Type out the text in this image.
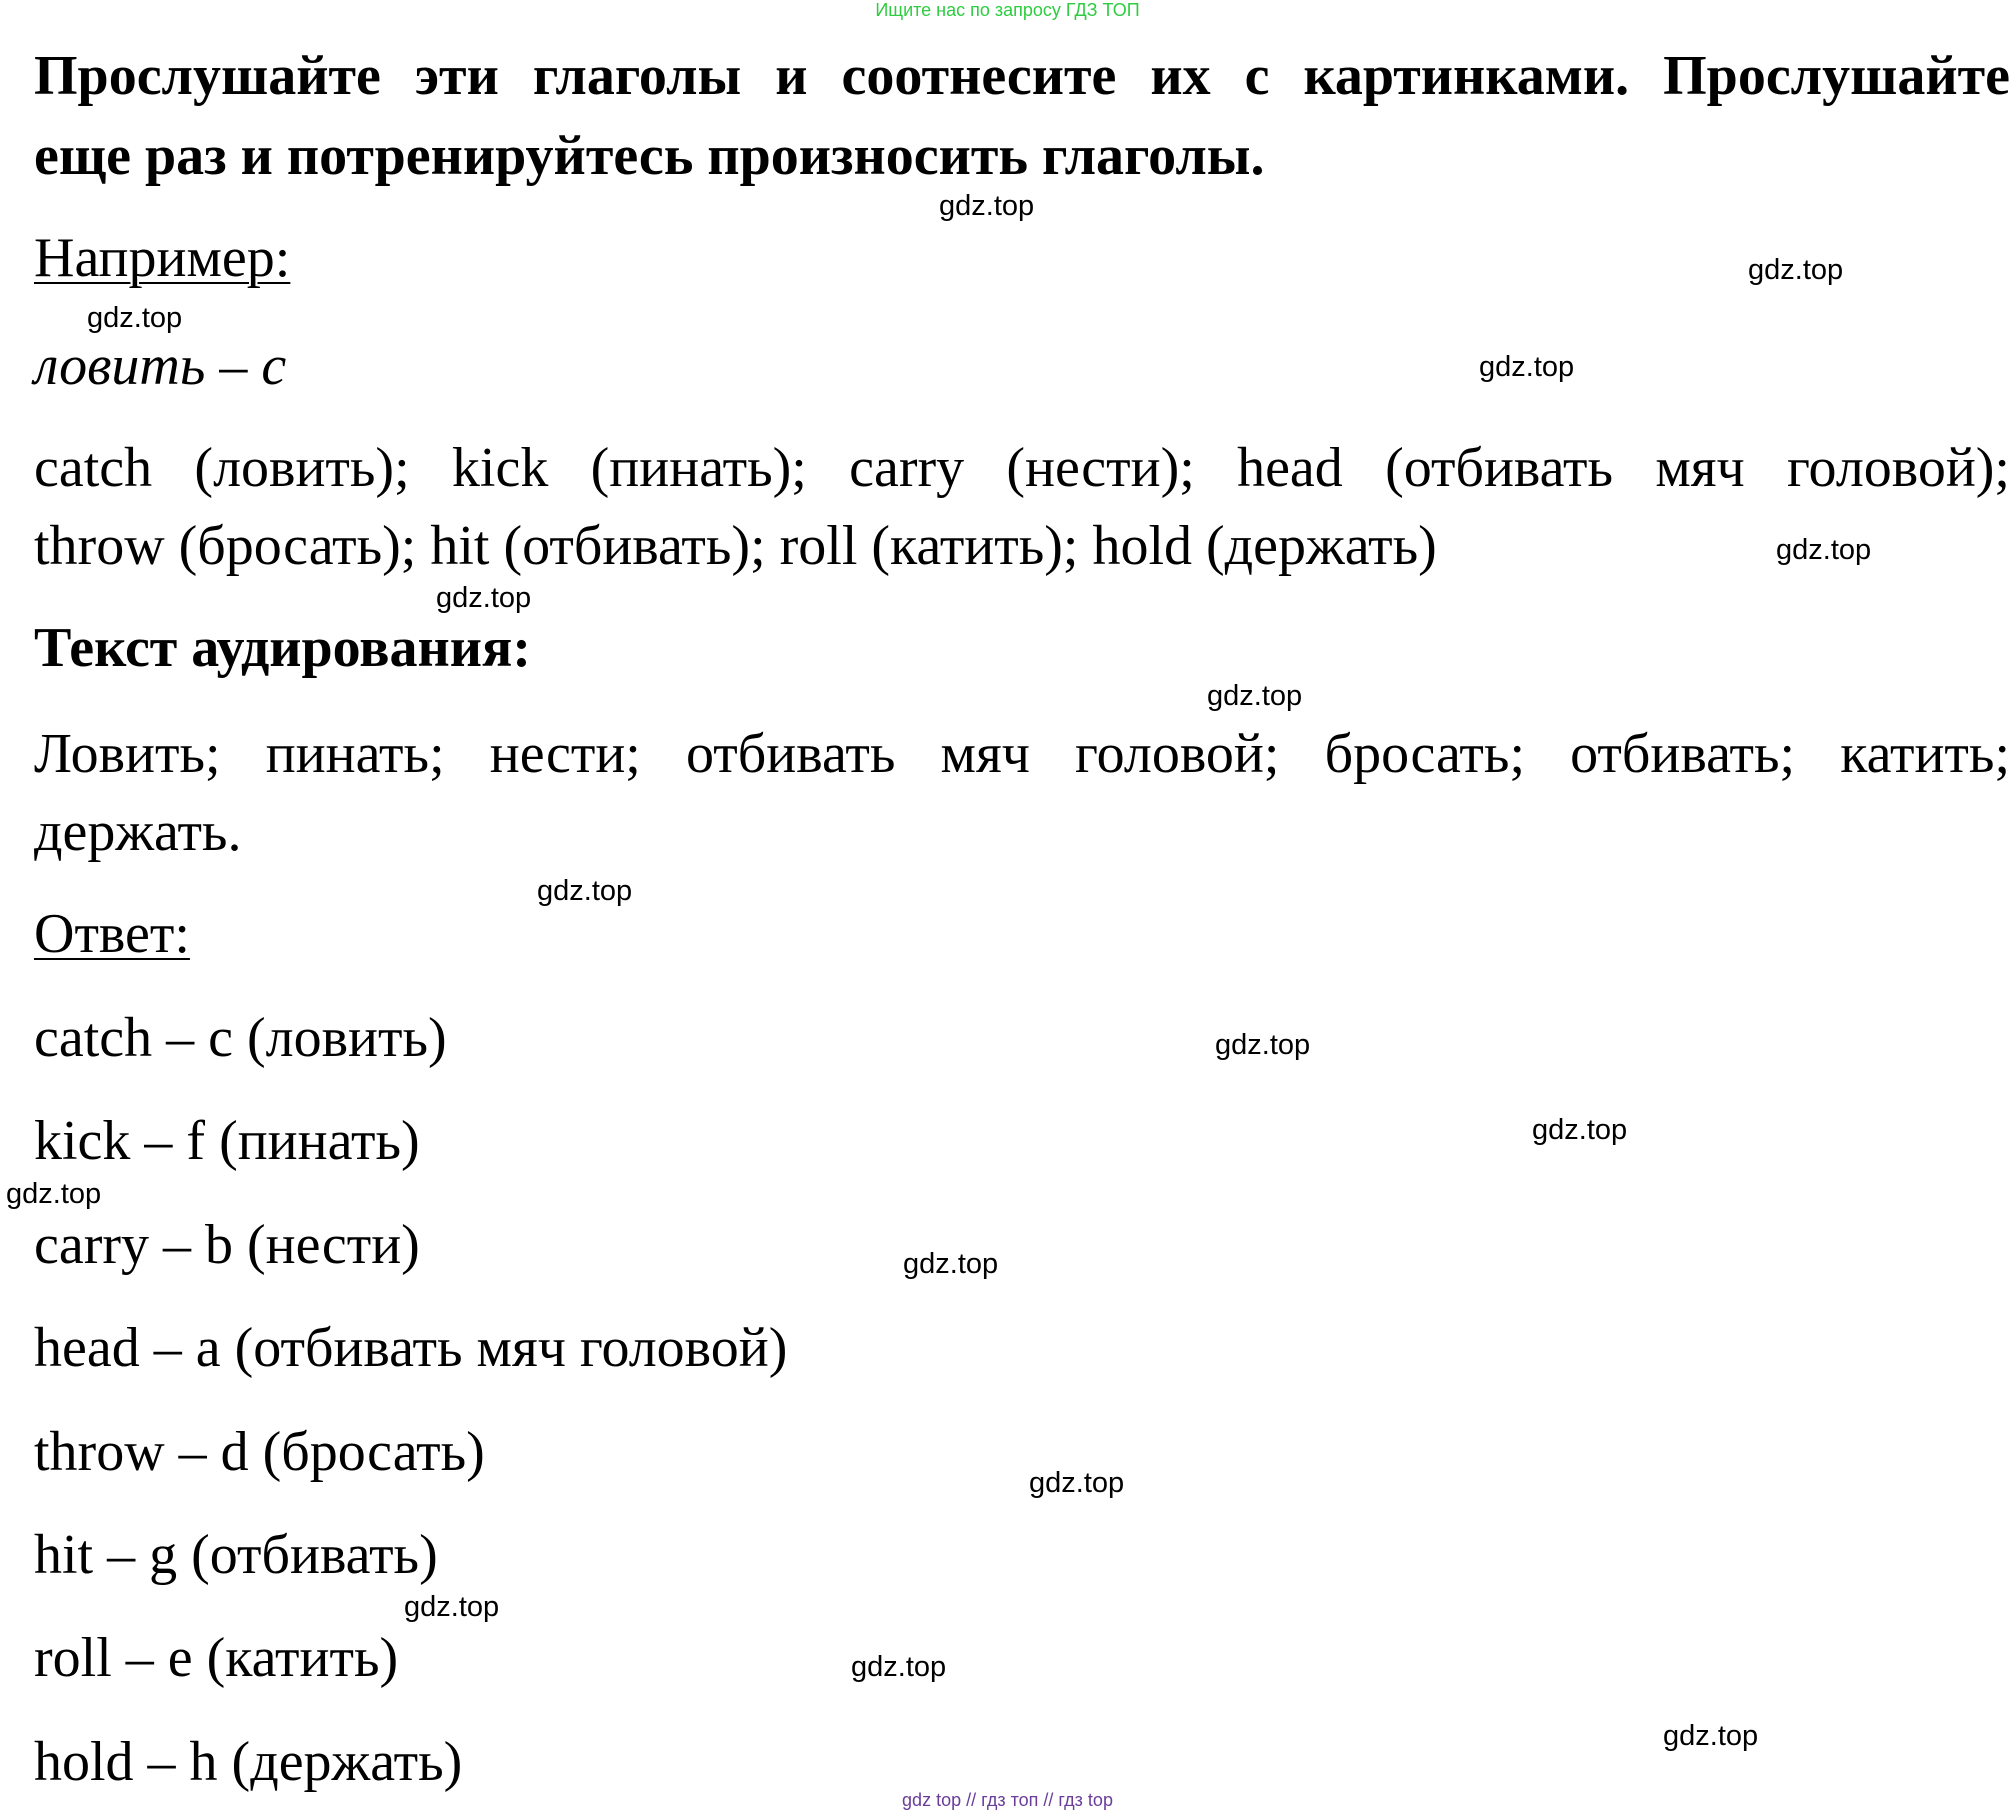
Ищите нас по запросу ГДЗ ТОП
Прослушайте эти глаголы и соотнесите их с картинками. Прослушайте
еще раз и потренируйтесь произносить глаголы.
Например:
ловить – с
catch (ловить); kick (пинать); carry (нести); head (отбивать мяч головой);
throw (бросать); hit (отбивать); roll (катить); hold (держать)
Текст аудирования:
Ловить; пинать; нести; отбивать мяч головой; бросать; отбивать; катить;
держать.
Ответ:
catch – c (ловить)
kick – f (пинать)
carry – b (нести)
head – a (отбивать мяч головой)
throw – d (бросать)
hit – g (отбивать)
roll – e (катить)
hold – h (держать)
gdz.top
gdz.top
gdz.top
gdz.top
gdz.top
gdz.top
gdz.top
gdz.top
gdz.top
gdz.top
gdz.top
gdz.top
gdz.top
gdz.top
gdz.top
gdz.top
gdz top // гдз топ // гдз top
